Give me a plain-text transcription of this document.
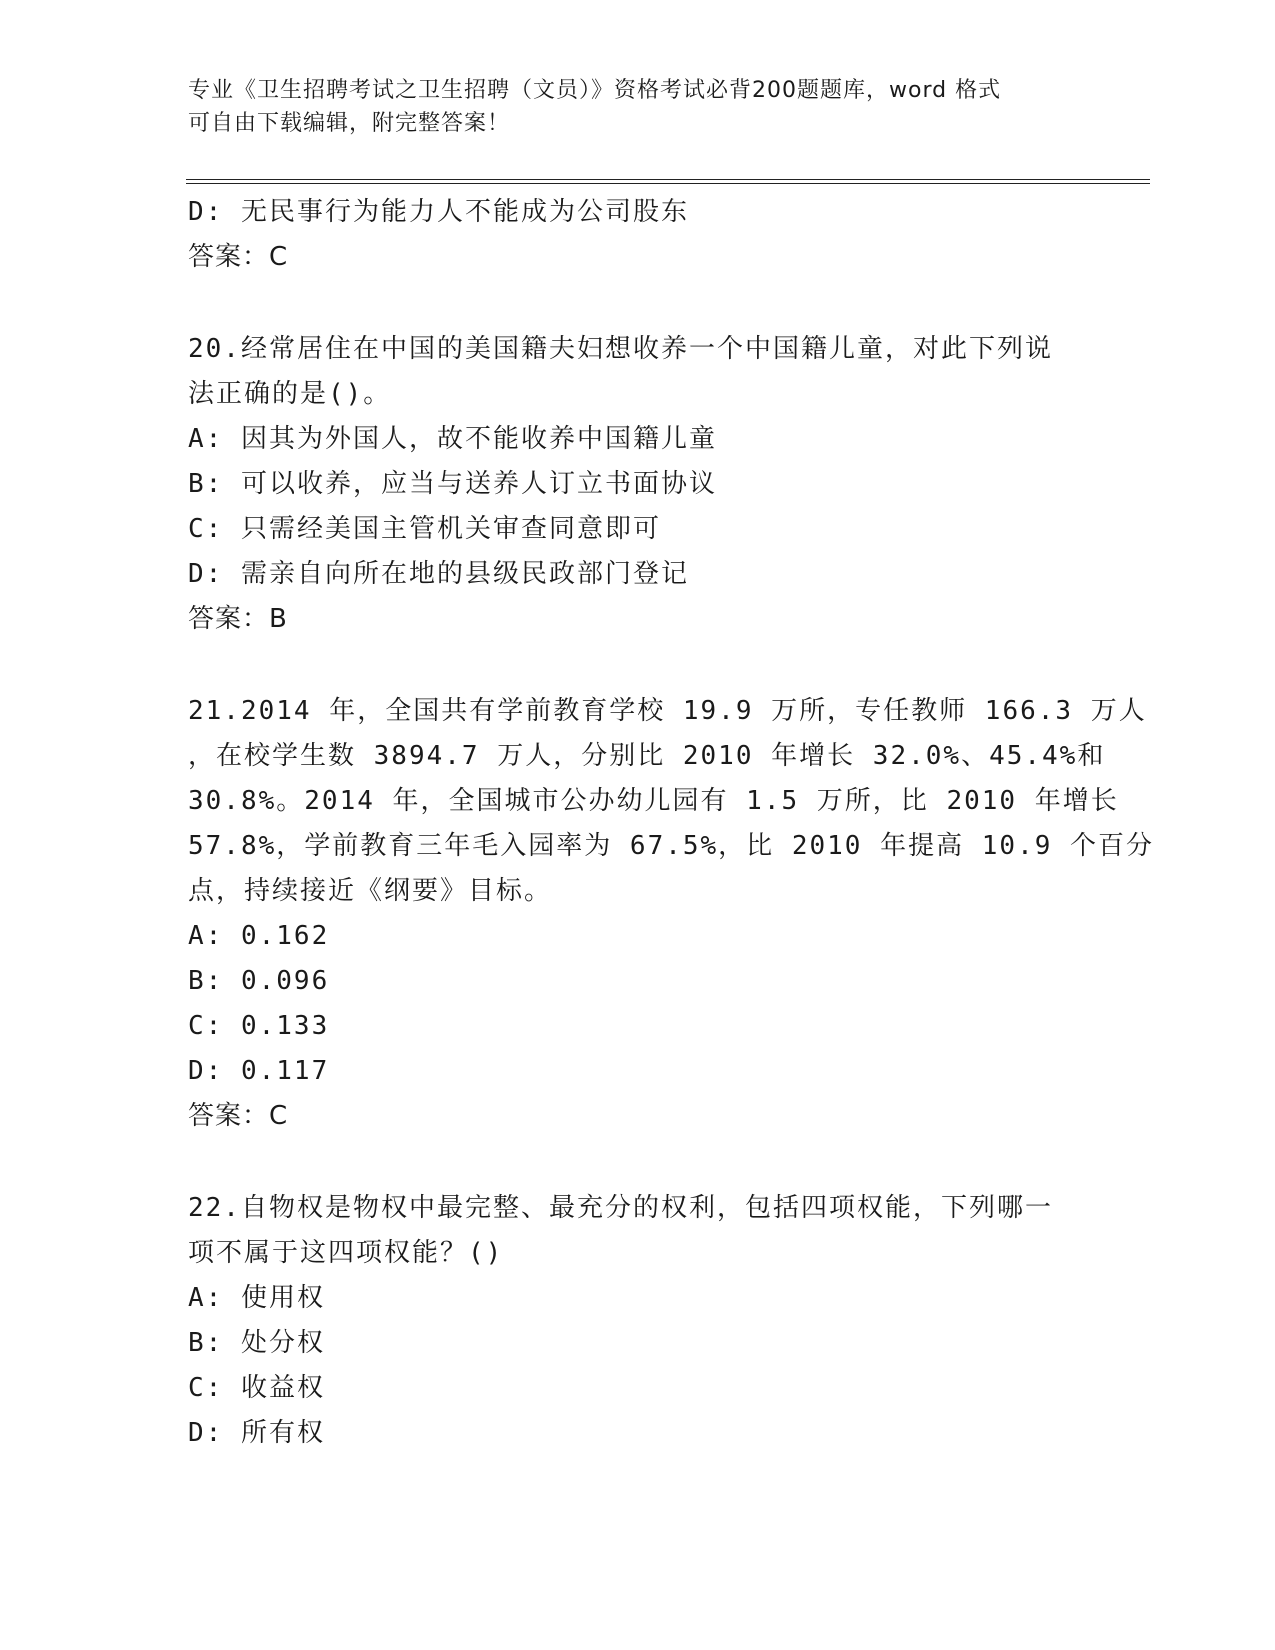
专业《卫生招聘考试之卫生招聘（文员）》资格考试必背200题题库，word 格式
可自由下载编辑，附完整答案！
D: 无民事行为能力人不能成为公司股东
答案：C
20.经常居住在中国的美国籍夫妇想收养一个中国籍儿童，对此下列说
法正确的是()。
A: 因其为外国人，故不能收养中国籍儿童
B: 可以收养，应当与送养人订立书面协议
C: 只需经美国主管机关审查同意即可
D: 需亲自向所在地的县级民政部门登记
答案：B
21.2014 年，全国共有学前教育学校 19.9 万所，专任教师 166.3 万人
，在校学生数 3894.7 万人，分别比 2010 年增长 32.0%、45.4%和
30.8%。2014 年，全国城市公办幼儿园有 1.5 万所，比 2010 年增长
57.8%，学前教育三年毛入园率为 67.5%，比 2010 年提高 10.9 个百分
点，持续接近《纲要》目标。
A: 0.162
B: 0.096
C: 0.133
D: 0.117
答案：C
22.自物权是物权中最完整、最充分的权利，包括四项权能，下列哪一
项不属于这四项权能？()
A: 使用权
B: 处分权
C: 收益权
D: 所有权
